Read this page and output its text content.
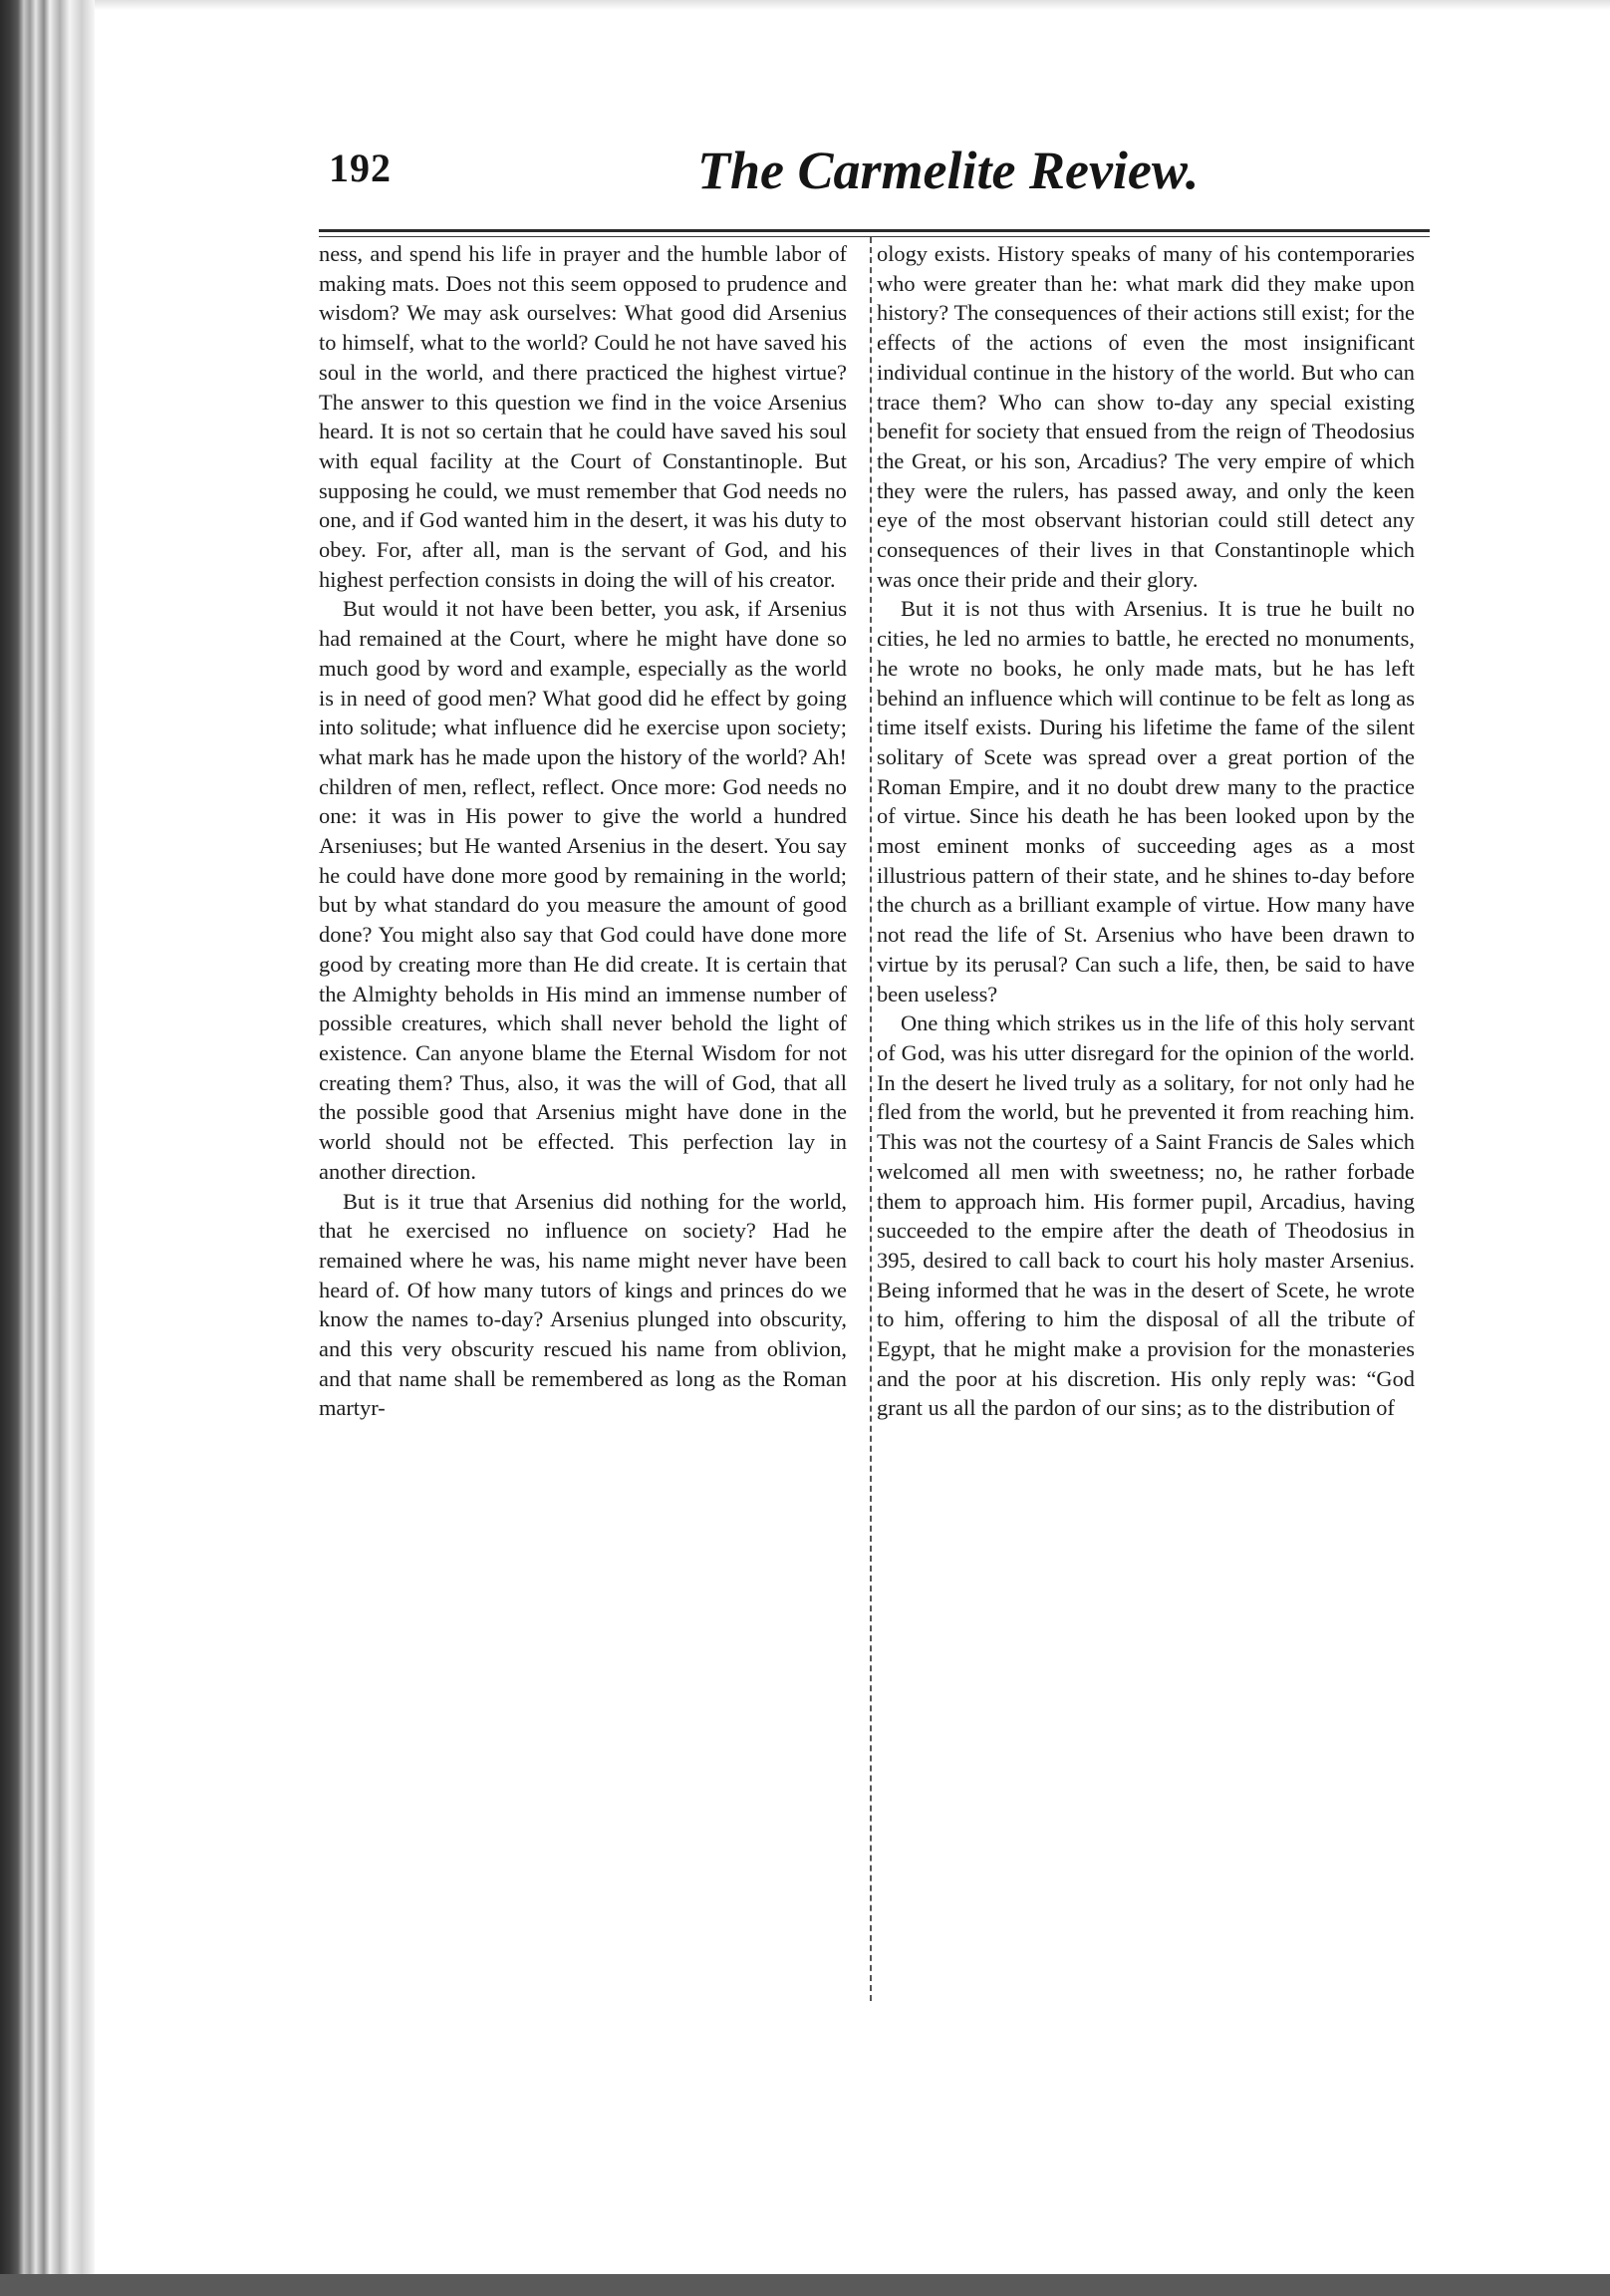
192	The Carmelite Review.

ness, and spend his life in prayer and the humble labor of making mats. Does not this seem opposed to prudence and wisdom? We may ask ourselves: What good did Arsenius to himself, what to the world? Could he not have saved his soul in the world, and there practiced the highest virtue? The answer to this question we find in the voice Arsenius heard. It is not so certain that he could have saved his soul with equal facility at the Court of Constantinople. But supposing he could, we must remember that God needs no one, and if God wanted him in the desert, it was his duty to obey. For, after all, man is the servant of God, and his highest perfection consists in doing the will of his creator.

But would it not have been better, you ask, if Arsenius had remained at the Court, where he might have done so much good by word and example, especially as the world is in need of good men? What good did he effect by going into solitude; what influence did he exercise upon society; what mark has he made upon the history of the world? Ah! children of men, reflect, reflect. Once more: God needs no one: it was in His power to give the world a hundred Arseniuses; but He wanted Arsenius in the desert. You say he could have done more good by remaining in the world; but by what standard do you measure the amount of good done? You might also say that God could have done more good by creating more than He did create. It is certain that the Almighty beholds in His mind an immense number of possible creatures, which shall never behold the light of existence. Can anyone blame the Eternal Wisdom for not creating them? Thus, also, it was the will of God, that all the possible good that Arsenius might have done in the world should not be effected. This perfection lay in another direction.

But is it true that Arsenius did nothing for the world, that he exercised no influence on society? Had he remained where he was, his name might never have been heard of. Of how many tutors of kings and princes do we know the names to-day? Arsenius plunged into obscurity, and this very obscurity rescued his name from oblivion, and that name shall be remembered as long as the Roman martyr-

ology exists. History speaks of many of his contemporaries who were greater than he: what mark did they make upon history? The consequences of their actions still exist; for the effects of the actions of even the most insignificant individual continue in the history of the world. But who can trace them? Who can show to-day any special existing benefit for society that ensued from the reign of Theodosius the Great, or his son, Arcadius? The very empire of which they were the rulers, has passed away, and only the keen eye of the most observant historian could still detect any consequences of their lives in that Constantinople which was once their pride and their glory.

But it is not thus with Arsenius. It is true he built no cities, he led no armies to battle, he erected no monuments, he wrote no books, he only made mats, but he has left behind an influence which will continue to be felt as long as time itself exists. During his lifetime the fame of the silent solitary of Scete was spread over a great portion of the Roman Empire, and it no doubt drew many to the practice of virtue. Since his death he has been looked upon by the most eminent monks of succeeding ages as a most illustrious pattern of their state, and he shines to-day before the church as a brilliant example of virtue. How many have not read the life of St. Arsenius who have been drawn to virtue by its perusal? Can such a life, then, be said to have been useless?

One thing which strikes us in the life of this holy servant of God, was his utter disregard for the opinion of the world. In the desert he lived truly as a solitary, for not only had he fled from the world, but he prevented it from reaching him. This was not the courtesy of a Saint Francis de Sales which welcomed all men with sweetness; no, he rather forbade them to approach him. His former pupil, Arcadius, having succeeded to the empire after the death of Theodosius in 395, desired to call back to court his holy master Arsenius. Being informed that he was in the desert of Scete, he wrote to him, offering to him the disposal of all the tribute of Egypt, that he might make a provision for the monasteries and the poor at his discretion. His only reply was: “God grant us all the pardon of our sins; as to the distribution of
